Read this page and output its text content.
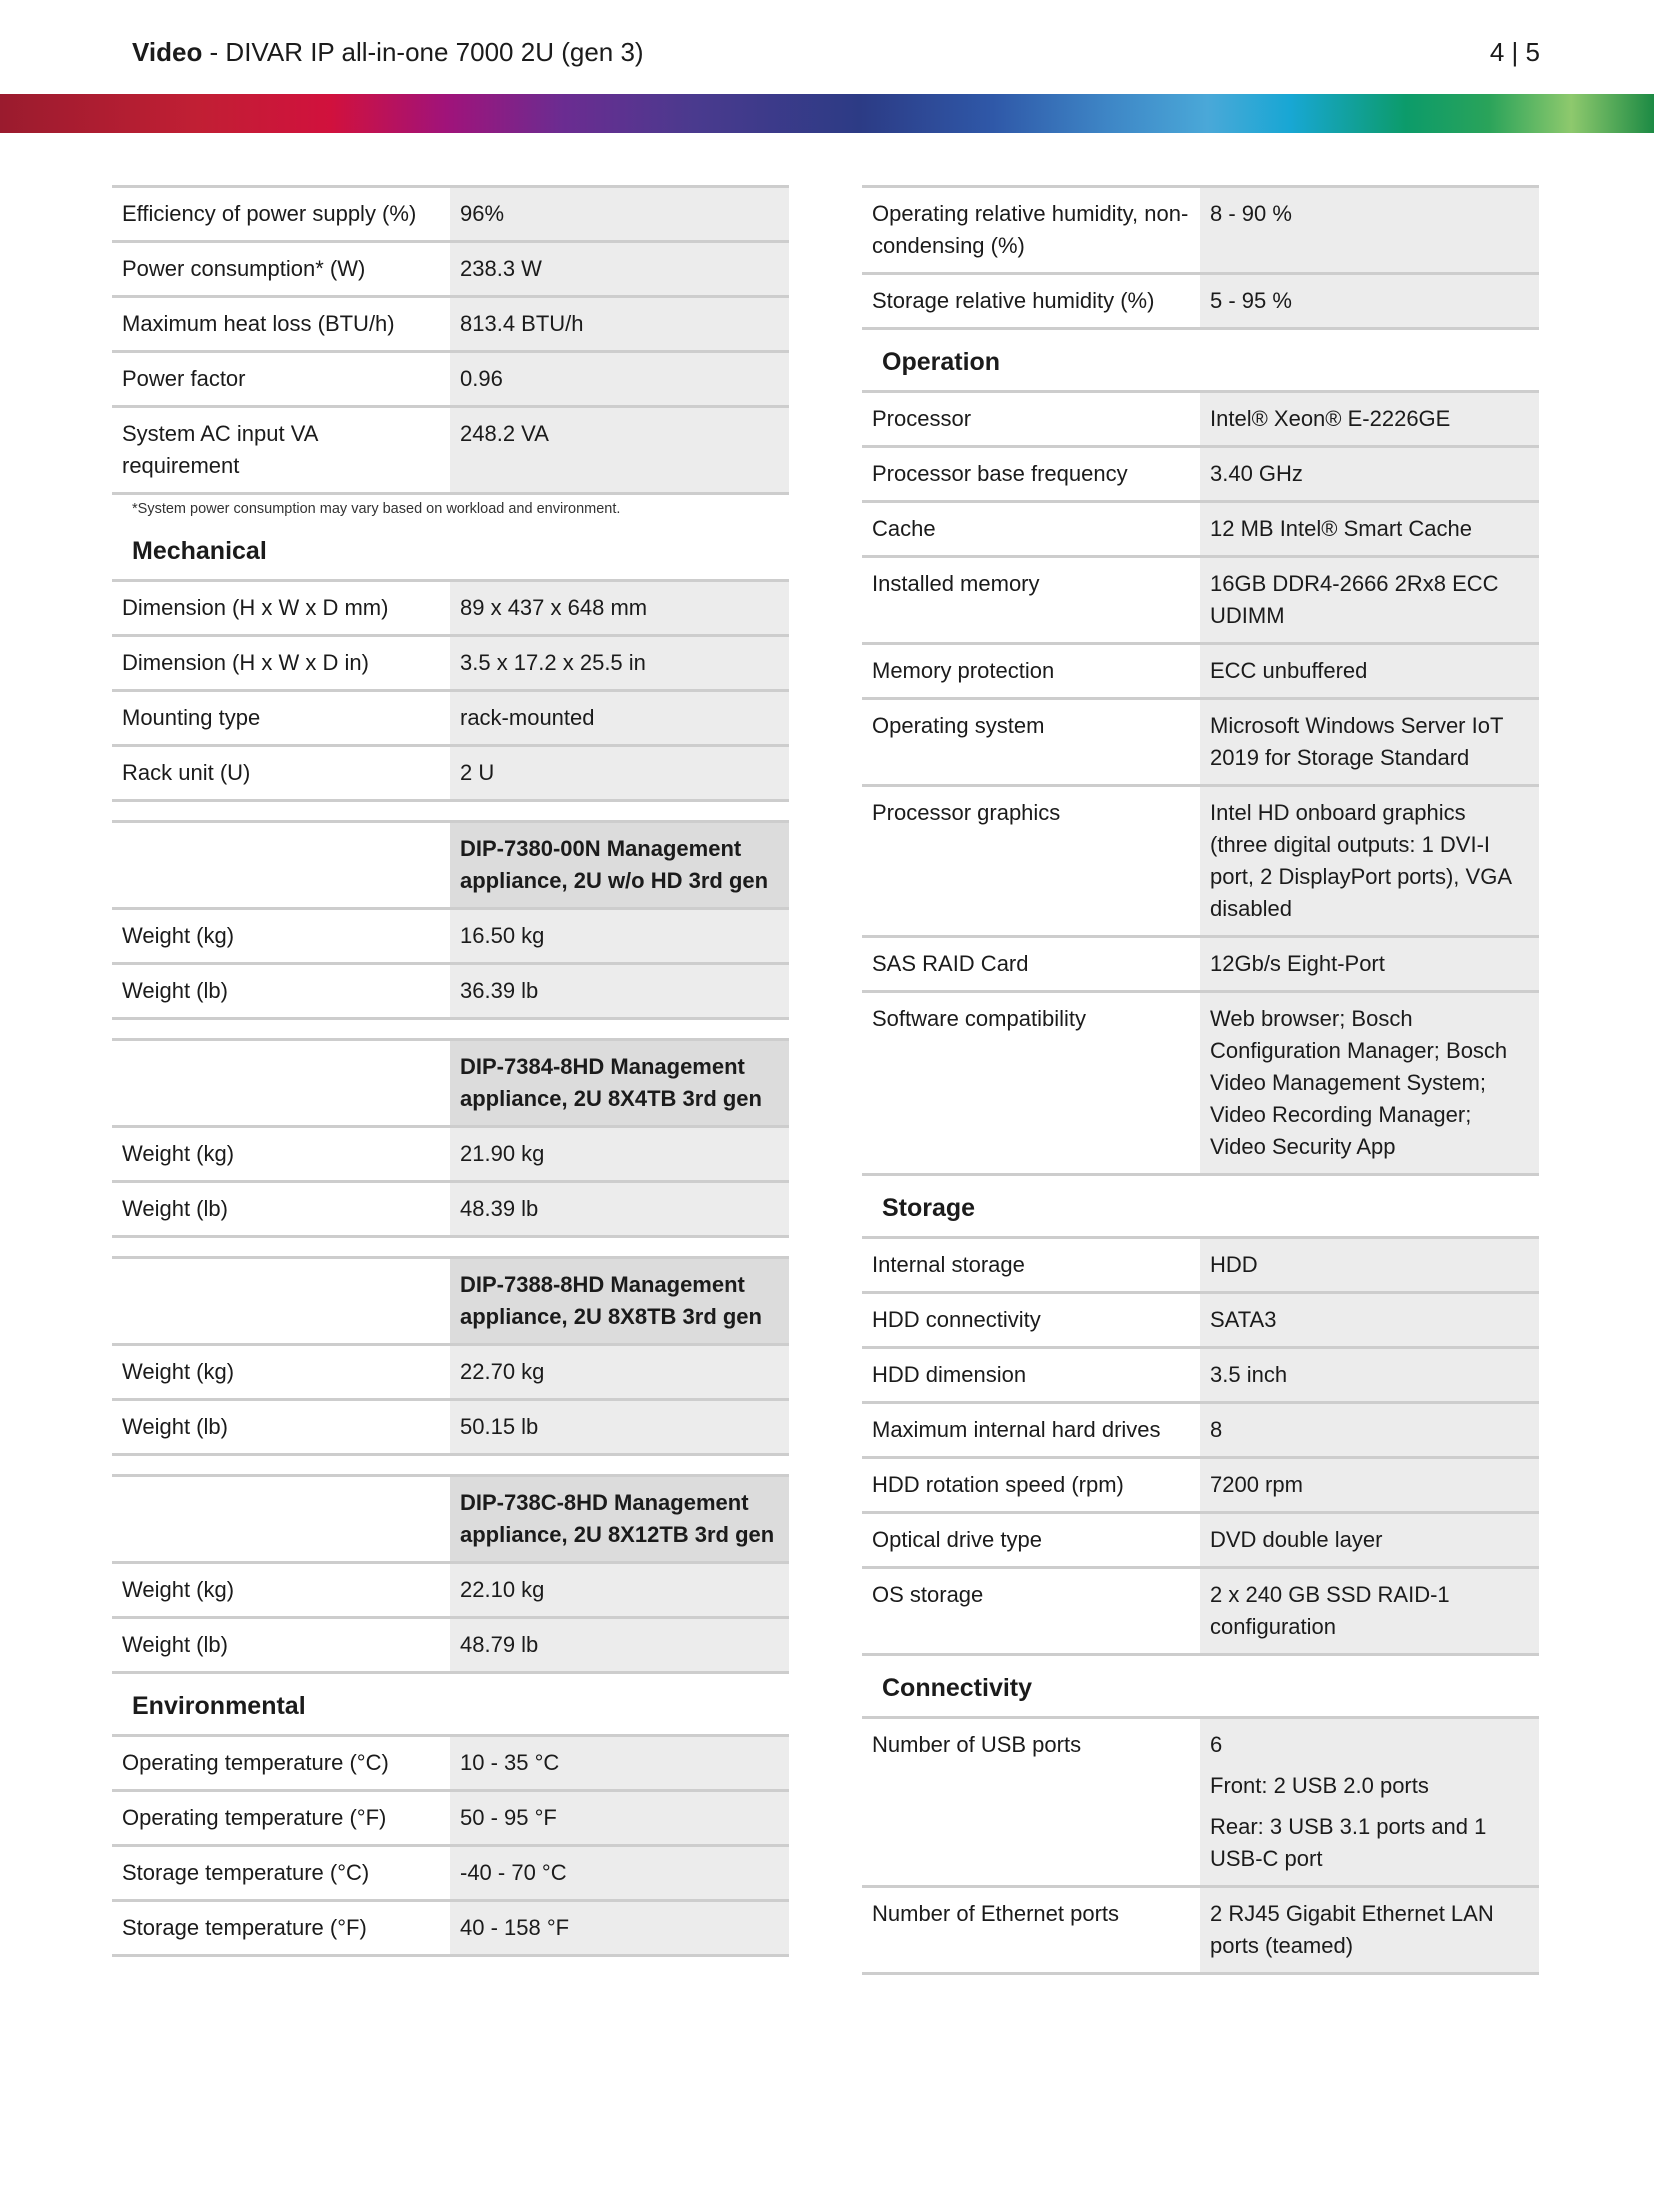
Video - DIVAR IP all-in-one 7000 2U (gen 3)	4 | 5
Efficiency of power supply (%)	96%
Power consumption* (W)	238.3 W
Maximum heat loss (BTU/h)	813.4 BTU/h
Power factor	0.96
System AC input VA requirement	248.2 VA
*System power consumption may vary based on workload and environment.
Mechanical
Dimension (H x W x D mm)	89 x 437 x 648 mm
Dimension (H x W x D in)	3.5 x 17.2 x 25.5 in
Mounting type	rack-mounted
Rack unit (U)	2 U
	DIP-7380-00N Management appliance, 2U w/o HD 3rd gen
Weight (kg)	16.50 kg
Weight (lb)	36.39 lb
	DIP-7384-8HD Management appliance, 2U 8X4TB 3rd gen
Weight (kg)	21.90 kg
Weight (lb)	48.39 lb
	DIP-7388-8HD Management appliance, 2U 8X8TB 3rd gen
Weight (kg)	22.70 kg
Weight (lb)	50.15 lb
	DIP-738C-8HD Management appliance, 2U 8X12TB 3rd gen
Weight (kg)	22.10 kg
Weight (lb)	48.79 lb
Environmental
Operating temperature (°C)	10 - 35 °C
Operating temperature (°F)	50 - 95 °F
Storage temperature (°C)	-40 - 70 °C
Storage temperature (°F)	40 - 158 °F
Operating relative humidity, non-condensing (%)	8 - 90 %
Storage relative humidity (%)	5 - 95 %
Operation
Processor	Intel® Xeon® E-2226GE
Processor base frequency	3.40 GHz
Cache	12 MB Intel® Smart Cache
Installed memory	16GB DDR4-2666 2Rx8 ECC UDIMM
Memory protection	ECC unbuffered
Operating system	Microsoft Windows Server IoT 2019 for Storage Standard
Processor graphics	Intel HD onboard graphics (three digital outputs: 1 DVI-I port, 2 DisplayPort ports), VGA disabled
SAS RAID Card	12Gb/s Eight-Port
Software compatibility	Web browser; Bosch Configuration Manager; Bosch Video Management System; Video Recording Manager; Video Security App
Storage
Internal storage	HDD
HDD connectivity	SATA3
HDD dimension	3.5 inch
Maximum internal hard drives	8
HDD rotation speed (rpm)	7200 rpm
Optical drive type	DVD double layer
OS storage	2 x 240 GB SSD RAID-1 configuration
Connectivity
Number of USB ports	6

Front: 2 USB 2.0 ports

Rear: 3 USB 3.1 ports and 1 USB-C port

Number of Ethernet ports	2 RJ45 Gigabit Ethernet LAN ports (teamed)
